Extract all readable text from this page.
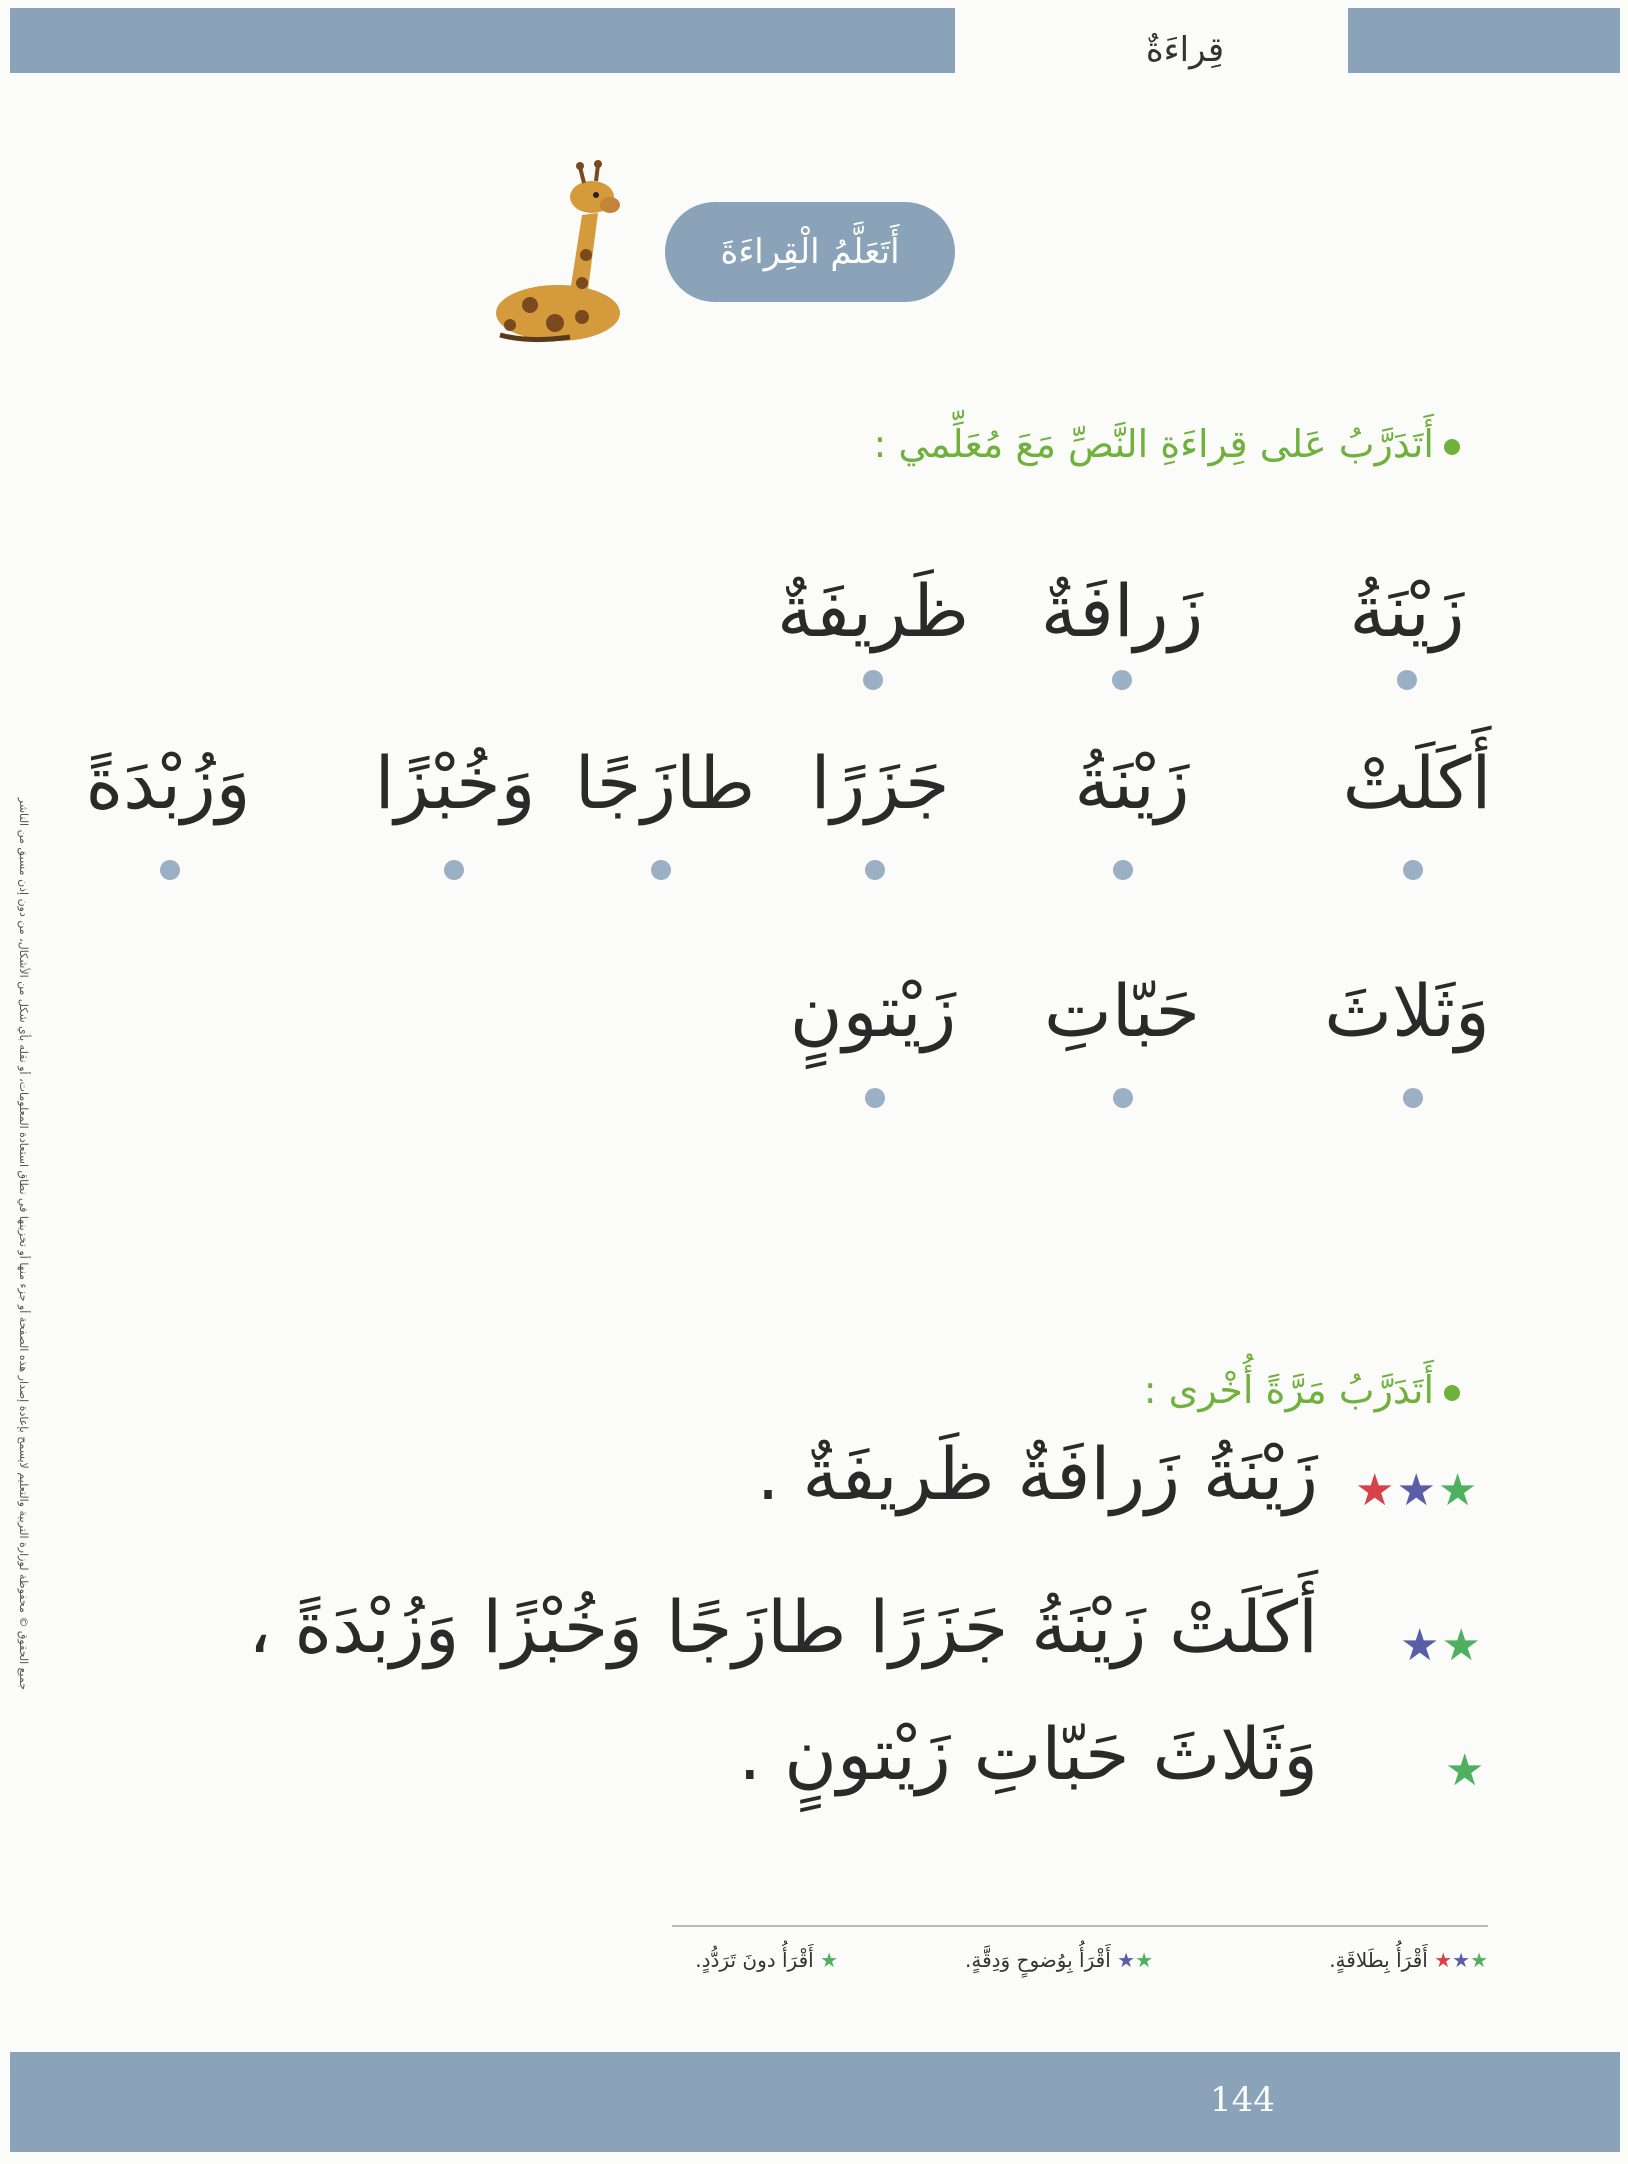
قِراءَةٌ
أَتَعَلَّمُ الْقِراءَةَ
أَتَدَرَّبُ عَلى قِراءَةِ النَّصِّ مَعَ مُعَلِّمي :
زَيْنَةُ
زَرافَةٌ
ظَريفَةٌ
أَكَلَتْ
زَيْنَةُ
جَزَرًا
طازَجًا
وَخُبْزًا
وَزُبْدَةً
وَثَلاثَ
حَبّاتِ
زَيْتونٍ
أَتَدَرَّبُ مَرَّةً أُخْرى :
★★★
زَيْنَةُ زَرافَةٌ ظَريفَةٌ .
★★
أَكَلَتْ زَيْنَةُ جَزَرًا طازَجًا وَخُبْزًا وَزُبْدَةً ،
★
وَثَلاثَ حَبّاتِ زَيْتونٍ .
★★★ أَقْرَأُ بِطَلاقَةٍ.
★★ أَقْرَأُ بِوُضوحٍ وَدِقَّةٍ.
★ أَقْرَأُ دونَ تَرَدُّدٍ.
144
جميع الحقوق © محفوظة لوزارة التربية والتعليم لايسمح بإعادة إصدار هذه الصفحة أو جزء منها أو تخزينها في نطاق استعادة المعلومات، أو نقله بأي شكل من الأشكال، من دون إذن مسبق من الناشر
